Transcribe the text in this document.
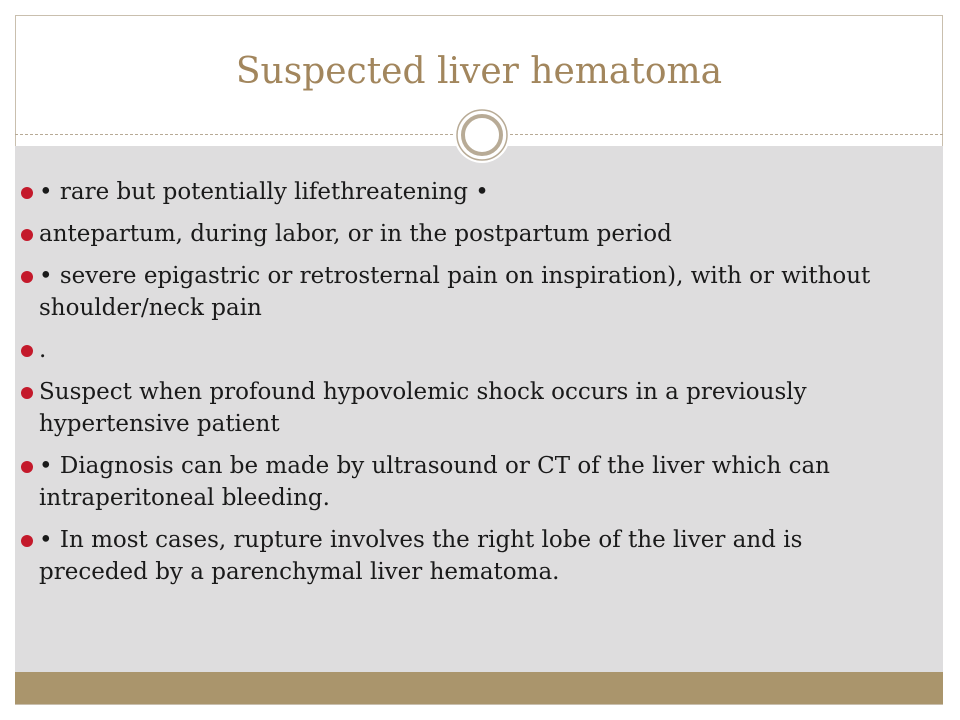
Suspected liver hematoma
• rare but potentially lifethreatening •
antepartum, during labor, or in the postpartum period
• severe epigastric or retrosternal pain on inspiration), with or without shoulder/neck pain
.
Suspect when profound hypovolemic shock occurs in a previously hypertensive patient
• Diagnosis can be made by ultrasound or CT of the liver which can intraperitoneal bleeding.
• In most cases, rupture involves the right lobe of the liver and is preceded by a parenchymal liver hematoma.
